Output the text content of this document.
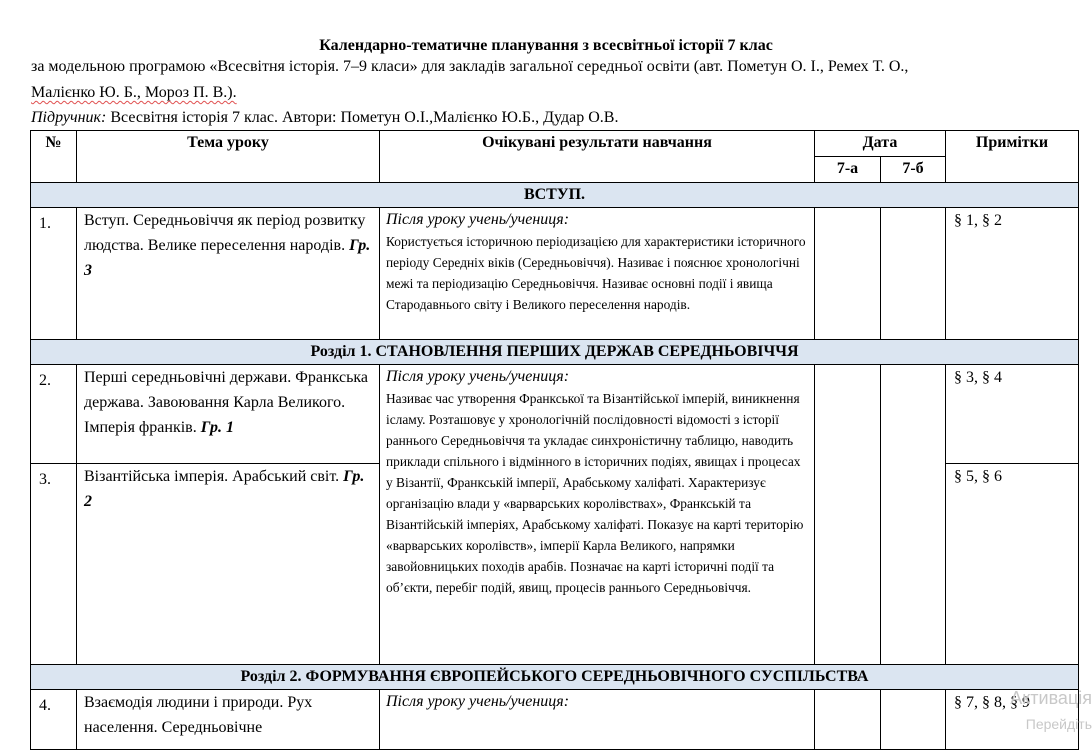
Календарно-тематичне планування з всесвітньої історії 7 клас
за модельною програмою «Всесвітня історія. 7–9 класи» для закладів загальної середньої освіти (авт. Пометун О. І., Ремех Т. О.,
Малієнко Ю. Б., Мороз П. В.).
Підручник: Всесвітня історія 7 клас. Автори: Пометун О.І.,Малієнко Ю.Б., Дудар О.В.
№	Тема уроку	Очікувані результати навчання	Дата		Примітки
			7-а	7-б	
ВСТУП.					
1.	Вступ. Середньовіччя як період розвитку людства. Велике переселення народів. Гр. 3	Після уроку учень/учениця:
Користується історичною періодизацією для характеристики історичного періоду Середніх віків (Середньовіччя). Називає і пояснює хронологічні межі та періодизацію Середньовіччя. Називає основні події і явища Стародавнього світу і Великого переселення народів.			§ 1, § 2
Розділ 1. СТАНОВЛЕННЯ ПЕРШИХ ДЕРЖАВ СЕРЕДНЬОВІЧЧЯ					
2.	Перші середньовічні держави. Франкська держава. Завоювання Карла Великого. Імперія франків. Гр. 1	Після уроку учень/учениця:
Називає час утворення Франкської та Візантійської імперій, виникнення ісламу. Розташовує у хронологічній послідовності відомості з історії раннього Середньовіччя та укладає синхроністичну таблицю, наводить приклади спільного і відмінного в історичних подіях, явищах і процесах у Візантії, Франкській імперії, Арабському халіфаті. Характеризує організацію влади у «варварських королівствах», Франкській та Візантійській імперіях, Арабському халіфаті. Показує на карті територію «варварських королівств», імперії Карла Великого, напрямки завойовницьких походів арабів. Позначає на карті історичні події та об’єкти, перебіг подій, явищ, процесів раннього Середньовіччя.			§ 3, § 4
3.	Візантійська імперія. Арабський світ. Гр. 2				§ 5, § 6
Розділ 2. ФОРМУВАННЯ ЄВРОПЕЙСЬКОГО СЕРЕДНЬОВІЧНОГО СУСПІЛЬСТВА					
4.	Взаємодія людини і природи. Рух населення. Середньовічне	Після уроку учень/учениця:			§ 7, § 8, § 9
Активація
Перейдіть
